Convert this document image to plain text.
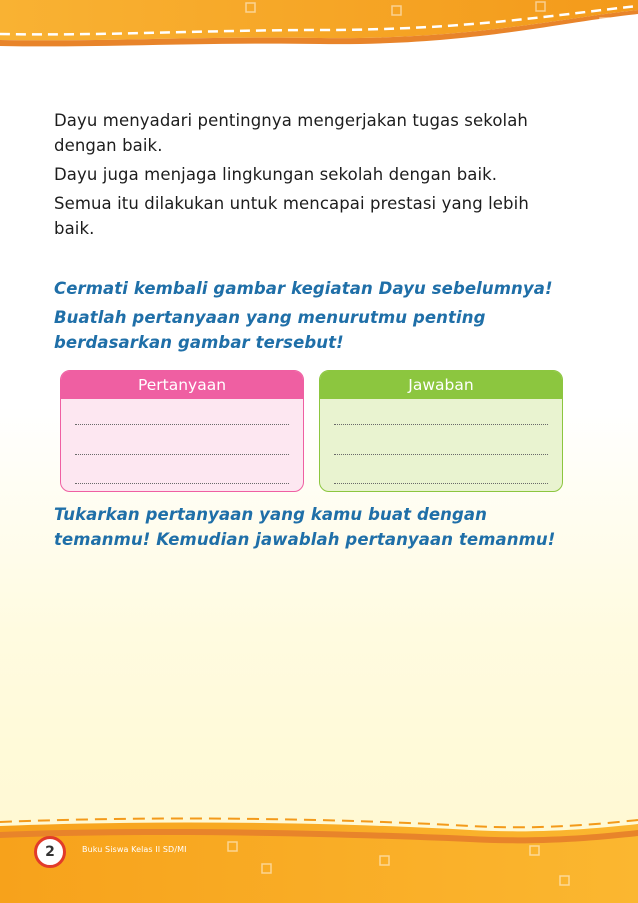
Dayu menyadari pentingnya mengerjakan tugas sekolah dengan baik.

Dayu juga menjaga lingkungan sekolah dengan baik.

Semua itu dilakukan untuk mencapai prestasi yang lebih baik.

Cermati kembali gambar kegiatan Dayu sebelumnya!

Buatlah pertanyaan yang menurutmu penting berdasarkan gambar tersebut!

Pertanyaan	Jawaban

Tukarkan pertanyaan yang kamu buat dengan temanmu! Kemudian jawablah pertanyaan temanmu!

2	Buku Siswa Kelas II SD/MI
